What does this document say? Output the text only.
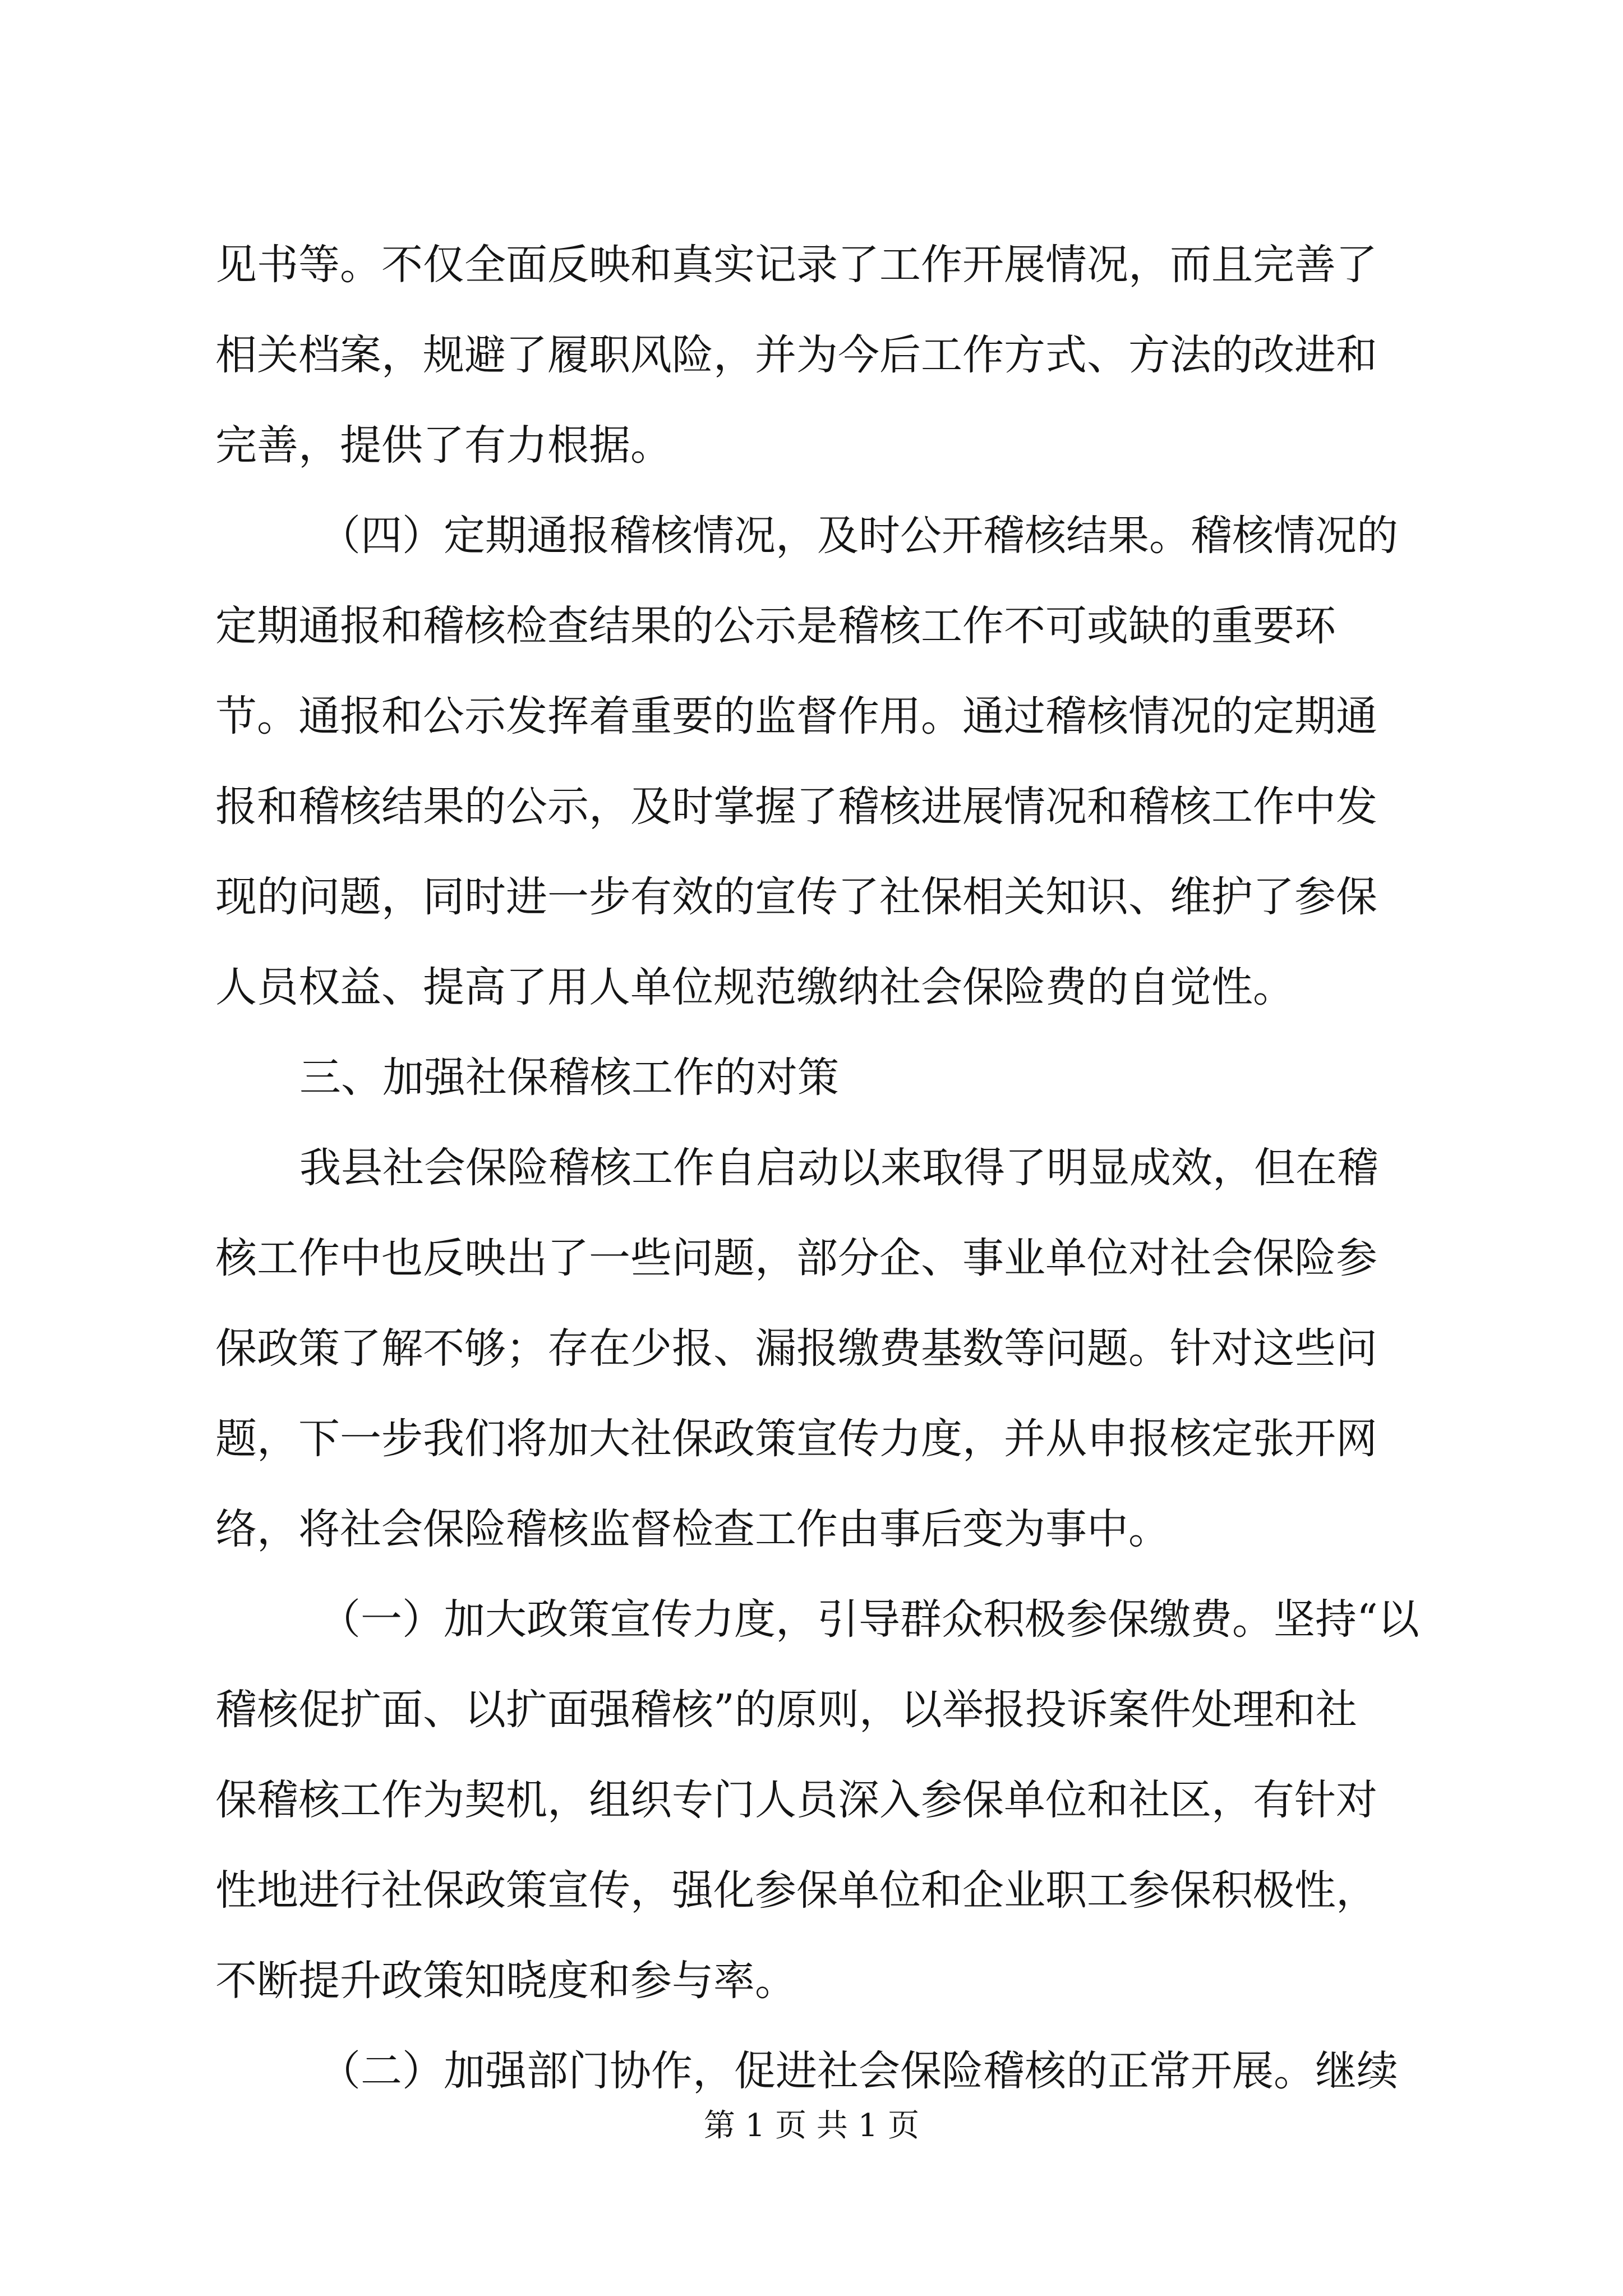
见书等。不仅全面反映和真实记录了工作开展情况，而且完善了
相关档案，规避了履职风险，并为今后工作方式、方法的改进和
完善，提供了有力根据。
（四）定期通报稽核情况，及时公开稽核结果。稽核情况的
定期通报和稽核检查结果的公示是稽核工作不可或缺的重要环
节。通报和公示发挥着重要的监督作用。通过稽核情况的定期通
报和稽核结果的公示，及时掌握了稽核进展情况和稽核工作中发
现的问题，同时进一步有效的宣传了社保相关知识、维护了参保
人员权益、提高了用人单位规范缴纳社会保险费的自觉性。
三、加强社保稽核工作的对策
我县社会保险稽核工作自启动以来取得了明显成效，但在稽
核工作中也反映出了一些问题，部分企、事业单位对社会保险参
保政策了解不够；存在少报、漏报缴费基数等问题。针对这些问
题，下一步我们将加大社保政策宣传力度，并从申报核定张开网
络，将社会保险稽核监督检查工作由事后变为事中。
（一）加大政策宣传力度，引导群众积极参保缴费。坚持“以
稽核促扩面、以扩面强稽核”的原则，以举报投诉案件处理和社
保稽核工作为契机，组织专门人员深入参保单位和社区，有针对
性地进行社保政策宣传，强化参保单位和企业职工参保积极性，
不断提升政策知晓度和参与率。
（二）加强部门协作，促进社会保险稽核的正常开展。继续
第 1 页 共 1 页
